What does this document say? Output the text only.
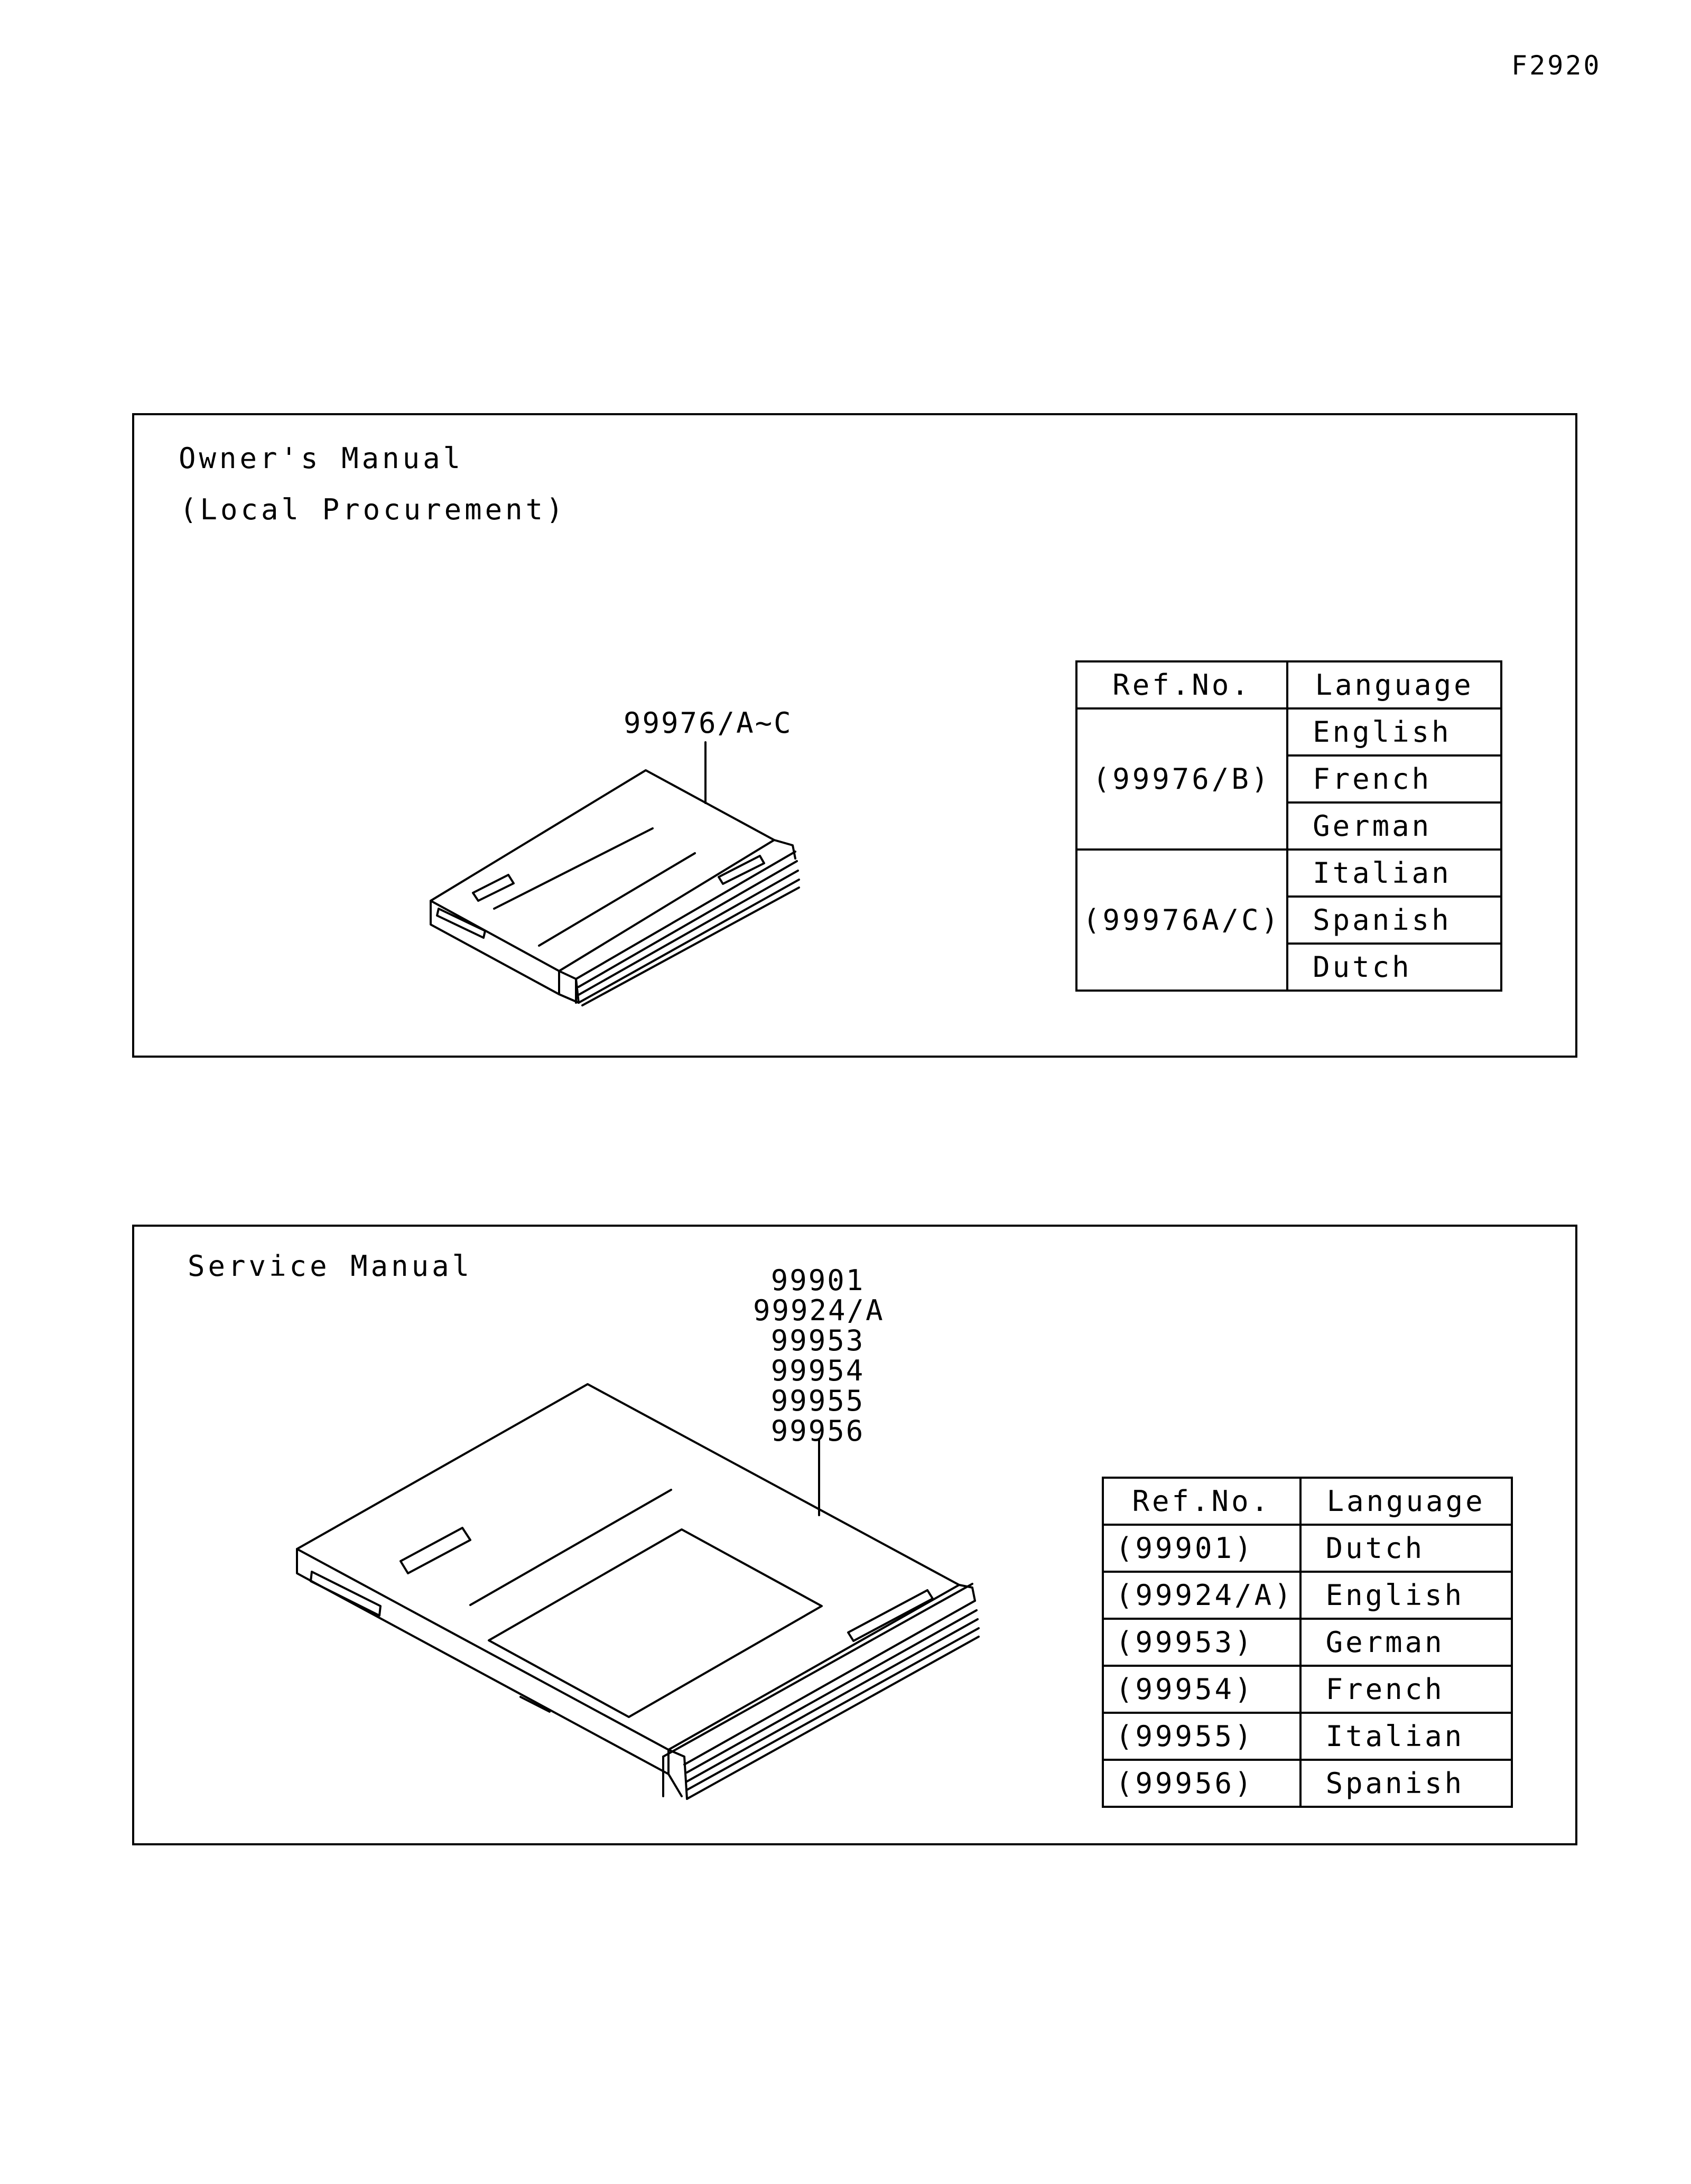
F2920
Owner's Manual
(Local Procurement)
99976/A~C
Ref.No.	Language
(99976/B)	English
	French
	German
(99976A/C)	Italian
	Spanish
	Dutch
Service Manual	99901
99924/A
99953
99954
99955
99956
Ref.No.	Language
(99901)	Dutch
(99924/A)	English
(99953)	German
(99954)	French
(99955)	Italian
(99956)	Spanish
